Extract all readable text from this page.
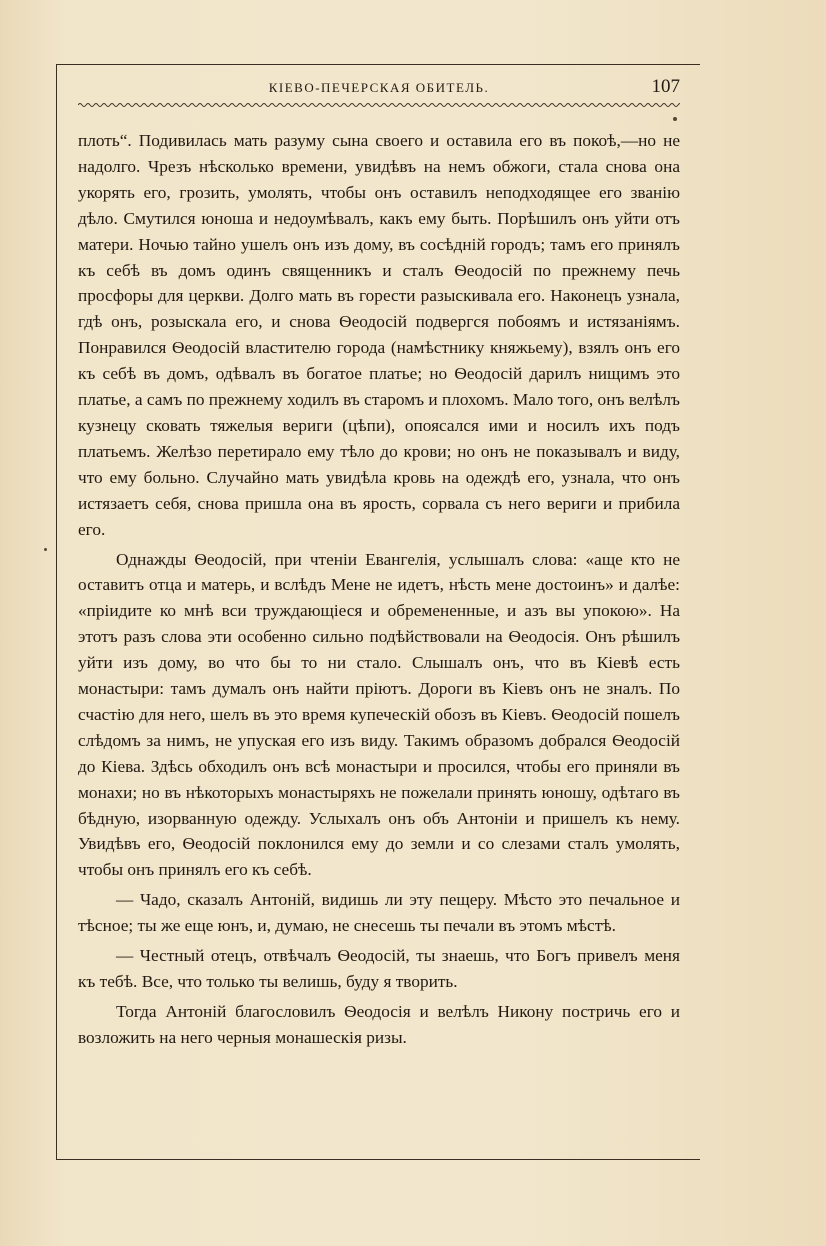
КІЕВО-ПЕЧЕРСКАЯ ОБИТЕЛЬ.	107

плоть“. Подивилась мать разуму сына своего и оставила его въ покоѣ,—но не надолго. Чрезъ нѣсколько времени, увидѣвъ на немъ обжоги, стала снова она укорять его, грозить, умолять, чтобы онъ оставилъ неподходящее его званію дѣло. Смутился юноша и недоумѣвалъ, какъ ему быть. Порѣшилъ онъ уйти отъ матери. Ночью тайно ушелъ онъ изъ дому, въ сосѣдній городъ; тамъ его принялъ къ себѣ въ домъ одинъ священникъ и сталъ Ѳеодосій по прежнему печь просфоры для церкви. Долго мать въ горести разыскивала его. Наконецъ узнала, гдѣ онъ, розыскала его, и снова Ѳеодосій подвергся побоямъ и истязаніямъ. Понравился Ѳеодосій властителю города (намѣстнику княжьему), взялъ онъ его къ себѣ въ домъ, одѣвалъ въ богатое платье; но Ѳеодосій дарилъ нищимъ это платье, а самъ по прежнему ходилъ въ старомъ и плохомъ. Мало того, онъ велѣлъ кузнецу сковать тяжелыя вериги (цѣпи), опоясался ими и носилъ ихъ подъ платьемъ. Желѣзо перетирало ему тѣло до крови; но онъ не показывалъ и виду, что ему больно. Случайно мать увидѣла кровь на одеждѣ его, узнала, что онъ истязаетъ себя, снова пришла она въ ярость, сорвала съ него вериги и прибила его.

Однажды Ѳеодосій, при чтеніи Евангелія, услышалъ слова: «аще кто не оставитъ отца и матерь, и вслѣдъ Мене не идетъ, нѣсть мене достоинъ» и далѣе: «пріидите ко мнѣ вси труждающіеся и обремененные, и азъ вы упокою». На этотъ разъ слова эти особенно сильно подѣйствовали на Ѳеодосія. Онъ рѣшилъ уйти изъ дому, во что бы то ни стало. Слышалъ онъ, что въ Кіевѣ есть монастыри: тамъ думалъ онъ найти пріютъ. Дороги въ Кіевъ онъ не зналъ. По счастію для него, шелъ въ это время купеческій обозъ въ Кіевъ. Ѳеодосій пошелъ слѣдомъ за нимъ, не упуская его изъ виду. Такимъ образомъ добрался Ѳеодосій до Кіева. Здѣсь обходилъ онъ всѣ монастыри и просился, чтобы его приняли въ монахи; но въ нѣкоторыхъ монастыряхъ не пожелали принять юношу, одѣтаго въ бѣдную, изорванную одежду. Услыхалъ онъ объ Антоніи и пришелъ къ нему. Увидѣвъ его, Ѳеодосій поклонился ему до земли и со слезами сталъ умолять, чтобы онъ принялъ его къ себѣ.

— Чадо, сказалъ Антоній, видишь ли эту пещеру. Мѣсто это печальное и тѣсное; ты же еще юнъ, и, думаю, не снесешь ты печали въ этомъ мѣстѣ.

— Честный отецъ, отвѣчалъ Ѳеодосій, ты знаешь, что Богъ привелъ меня къ тебѣ. Все, что только ты велишь, буду я творить.

Тогда Антоній благословилъ Ѳеодосія и велѣлъ Никону постричь его и возложить на него черныя монашескія ризы.
